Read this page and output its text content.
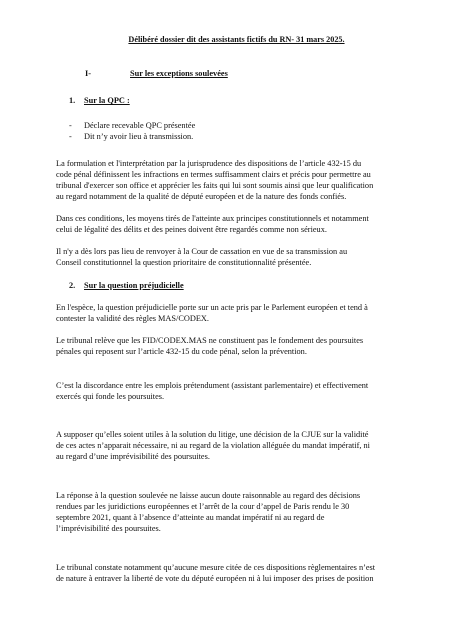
Délibéré dossier dit des assistants fictifs du RN- 31 mars 2025.
I-	Sur les exceptions soulevées
1. Sur la QPC :
- Déclare recevable QPC présentée
- Dit n’y avoir lieu à transmission.
La formulation et l'interprétation par la jurisprudence des dispositions de l’article 432-15 du
code pénal définissent les infractions en termes suffisamment clairs et précis pour permettre au
tribunal d'exercer son office et apprécier les faits qui lui sont soumis ainsi que leur qualification
au regard notamment de la qualité de député européen et de la nature des fonds confiés.
Dans ces conditions, les moyens tirés de l'atteinte aux principes constitutionnels et notamment
celui de légalité des délits et des peines doivent être regardés comme non sérieux.
Il n'y a dès lors pas lieu de renvoyer à la Cour de cassation en vue de sa transmission au
Conseil constitutionnel la question prioritaire de constitutionnalité présentée.
2. Sur la question préjudicielle
En l'espèce, la question préjudicielle porte sur un acte pris par le Parlement européen et tend à
contester la validité des règles MAS/CODEX.
Le tribunal relève que les FID/CODEX.MAS ne constituent pas le fondement des poursuites
pénales qui reposent sur l’article 432-15 du code pénal, selon la prévention.
C’est la discordance entre les emplois prétendument (assistant parlementaire) et effectivement
exercés qui fonde les poursuites.
A supposer qu’elles soient utiles à la solution du litige, une décision de la CJUE sur la validité
de ces actes n’apparait nécessaire, ni au regard de la violation alléguée du mandat impératif, ni
au regard d’une imprévisibilité des poursuites.
La réponse à la question soulevée ne laisse aucun doute raisonnable au regard des décisions
rendues par les juridictions européennes et l’arrêt de la cour d’appel de Paris rendu le 30
septembre 2021, quant à l’absence d’atteinte au mandat impératif ni au regard de
l’imprévisibilité des poursuites.
Le tribunal constate notamment qu’aucune mesure citée de ces dispositions règlementaires n’est
de nature à entraver la liberté de vote du député européen ni à lui imposer des prises de position
